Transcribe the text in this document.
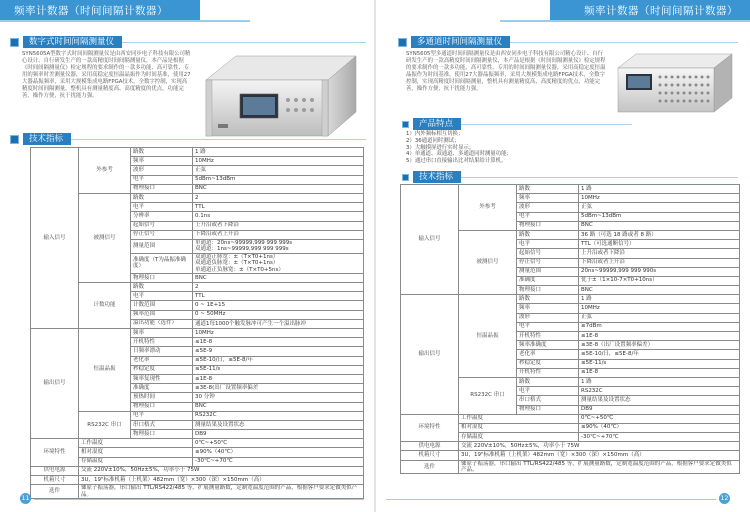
频率计数器（时间间隔计数器）
数字式时间间隔测量仪
SYN5605A型数字式时间间隔测量仪是由西安同步电子科技有限公司精心设计、自行研发生产的一款高精度时间间隔测量仪，本产品是根据《时间间隔测量仪》检定规程的要求制作的一款多功能、高可靠性、专用的频率时差测量仪器，采用高稳定度恒温晶振作为时间基准，使用27大器晶振频率，采用大规模集成电路FPGA技术，全数字控制，实现高精度时间间隔测量，整机具有测量精度高、高度精度的优点，功能完善，操作方便，抗干扰能力强。
技术指标
输入信号	外参考	路数	1 路
		频率	10MHz
		波形	正弦
		电平	5dBm~13dBm
		物理接口	BNC
	被测信号	路数	2
		电平	TTL
		分辨率	0.1ns
		起始信号	上升沿或者下降沿
		停止信号	下降沿或者上升沿
		测量范围	单通道：20ns~99999,999 999 999s
双通道：1ns~99999,999 999 999s

		准确度（T为晶振准确度）	双通道正脉宽：±（T×T0+1ns）
双通道负脉宽：±（T×T0+1ns）
单通道正负脉宽：±（T×T0+5ns）

		物理接口	BNC
	计数功能	路数	2
		电平	TTL
		计数范围	0 ~ 1E+15
		频率范围	0 ~ 50MHz
		溢出功能（选件）	通道1每1000个触发脉冲可产生一个溢出脉冲
输出信号	恒温晶振	频率	10MHz
		开机特性	≤1E-8
		日频率漂动	≤5E-9
		老化率	≤5E-10/日，≤5E-8/年
		秒稳定度	≤5E-11/s
		频率复现性	≤1E-8
		准确度	≤3E-8(出厂设置频率偏差
		预热时间	30 分钟
		物理接口	BNC
	RS232C 串口	电平	RS232C
		串口格式	测量结果及设置状态
		物理接口	DB9
环境特性	工作温度		0℃~+50℃
	相对湿度		≤90%（40℃）
	存储温度		-30℃~+70℃
供电电源	交流 220V±10%，50Hz±5%，功率小于 75W		
机箱尺寸	3U，19"标准机箱（上机架）482mm（宽）×300（深）×150mm（高）		
选件	铷原子振荡器，串口输出 TTL/RS422/485 等，扩展测量路数，定制宽温度范围的产品，根据客户要求定做类似产品。		
11
频率计数器（时间间隔计数器）
多通道时间间隔测量仪
SYN5605型多通道时间间隔测量仪是由西安同步电子科技有限公司精心设计、自行研发生产的一款高精度时间间隔测量仪，本产品是根据《时间间隔测量仪》检定规程的要求制作的一款多功能、高可靠性、专用的时间间隔测量仪器，采用高稳定度恒温晶振作为时间基准，使用27大器晶振频率，采用大规模集成电路FPGA技术，全数字控制，实现高精度时间间隔测量，整机具有测量精度高、高度精度的优点，功能完善，操作方便，抗干扰能力强。
产品特点
1）内外频标相互切换；
2）36通道同时测试；
3）大触摸屏进行实时显示；
4）单通道、双通道、多通道同时测量功能；
5）通过串口直接输出比对结果给计算机。
技术指标
输入信号	外参考	路数	1 路
		频率	10MHz
		波形	正弦
		电平	5dBm~13dBm
		物理接口	BNC
	被测信号	路数	36 路（可选 18 路或者 8 路）
		电平	TTL（可选通断信号）
		起始信号	上升沿或者下降沿
		停止信号	下降沿或者上升沿
		测量范围	20ns~99999,999 999 990s
		准确度	优于±（1×10-7×T0+10ns）
		物理接口	BNC
输出信号	恒温晶振	路数	1 路
		频率	10MHz
		波形	正弦
		电平	≥7dBm
		开机特性	≤1E-8
		频率准确度	≤3E-8（出厂设置频率偏差）
		老化率	≤5E-10/日，≤5E-8/年
		秒稳定度	≤5E-11/s
		开机特性	≤1E-8
	RS232C 串口	路数	1 路
		电平	RS232C
		串口格式	测量结果及设置状态
		物理接口	DB9
环境特性	工作温度		0℃~+50℃
	相对湿度		≤90%（40℃）
	存储温度		-30℃~+70℃
供电电源	交流 220V±10%，50Hz±5%，功率小于 75W		
机箱尺寸	3U，19"标准机箱（上机架）482mm（宽）×300（深）×150mm（高）		
选件	铷原子振荡器，串口输出 TTL/RS422/485 等，扩展测量路数，定制宽温度范围的产品，根据客户要求定做类似产品。		
12
